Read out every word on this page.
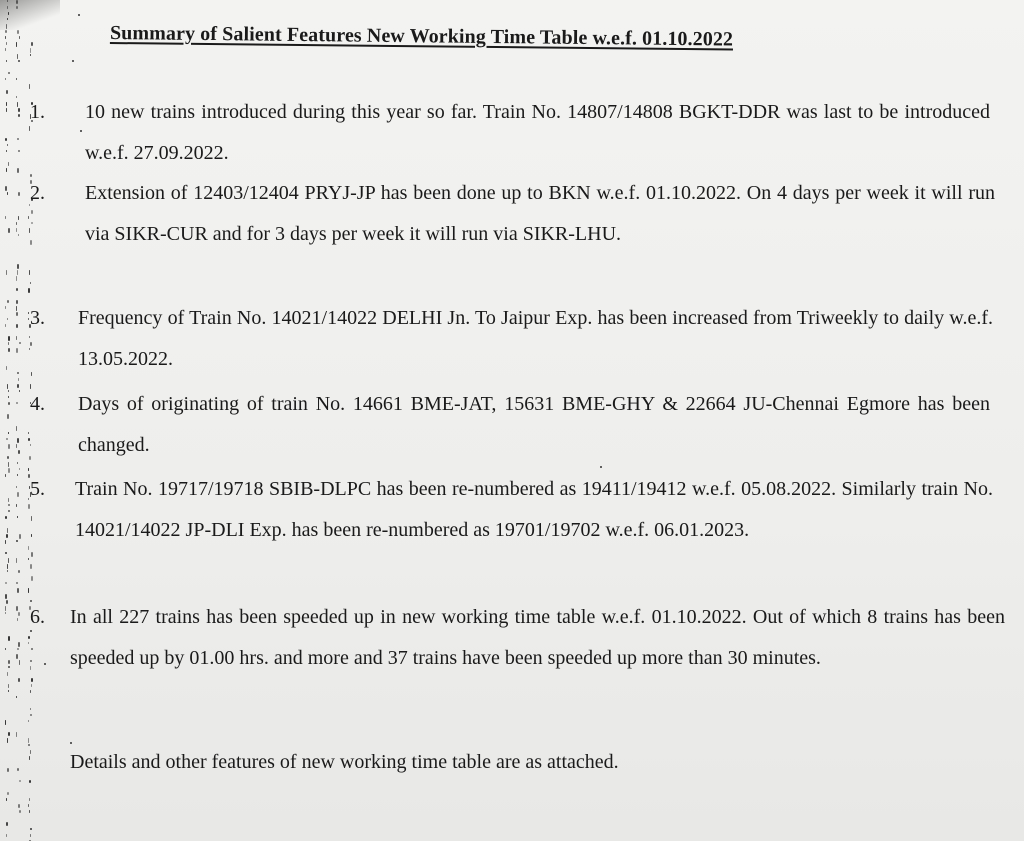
Summary of Salient Features New Working Time Table w.e.f. 01.10.2022
1.	10 new trains introduced during this year so far. Train No. 14807/14808 BGKT-DDR was last to be introduced w.e.f. 27.09.2022.
2.	Extension of 12403/12404 PRYJ-JP has been done up to BKN w.e.f. 01.10.2022. On 4 days per week it will run via SIKR-CUR and for 3 days per week it will run via SIKR-LHU.
3.	Frequency of Train No. 14021/14022 DELHI Jn. To Jaipur Exp. has been increased from Triweekly to daily w.e.f. 13.05.2022.
4.	Days of originating of train No. 14661 BME-JAT, 15631 BME-GHY & 22664 JU-Chennai Egmore has been changed.
5.	Train No. 19717/19718 SBIB-DLPC has been re-numbered as 19411/19412 w.e.f. 05.08.2022. Similarly train No. 14021/14022 JP-DLI Exp. has been re-numbered as 19701/19702 w.e.f. 06.01.2023.
6.	In all 227 trains has been speeded up in new working time table w.e.f. 01.10.2022. Out of which 8 trains has been speeded up by 01.00 hrs. and more and 37 trains have been speeded up more than 30 minutes.
Details and other features of new working time table are as attached.
